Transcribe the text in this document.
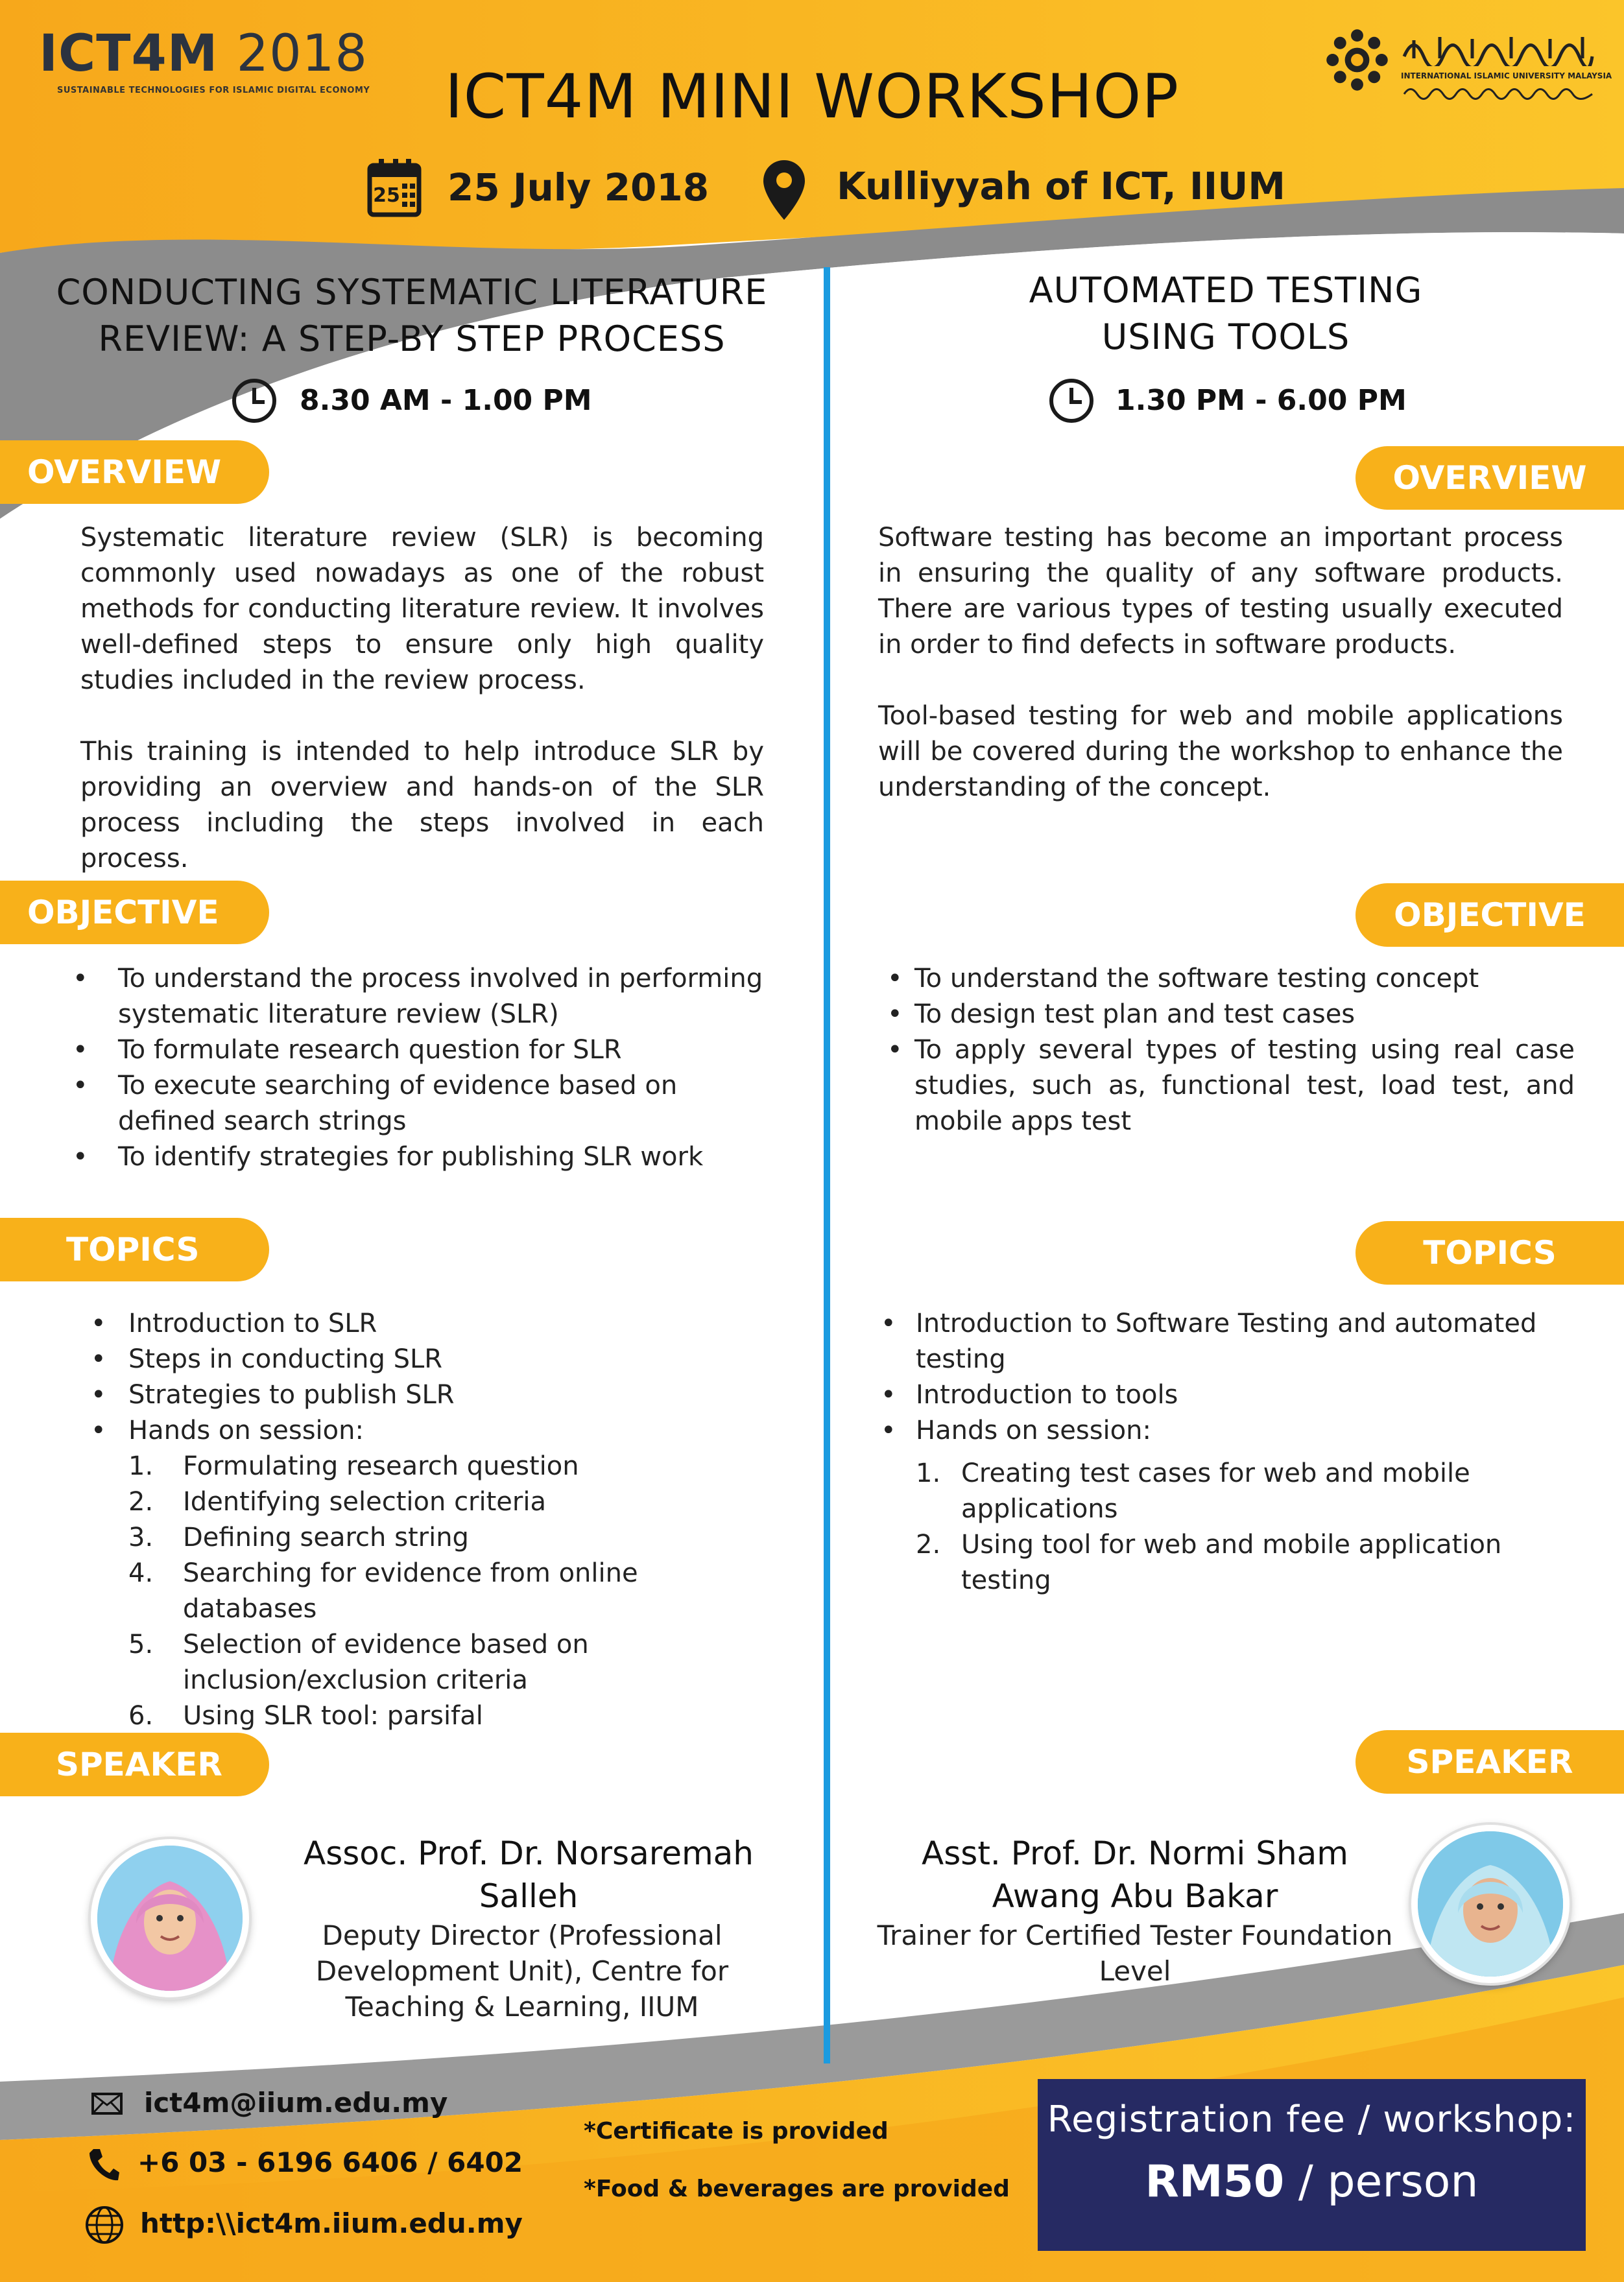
ICT4M 2018
SUSTAINABLE TECHNOLOGIES FOR ISLAMIC DIGITAL ECONOMY
INTERNATIONAL ISLAMIC UNIVERSITY MALAYSIA
ICT4M MINI WORKSHOP
25 25 July 2018	Kulliyyah of ICT, IIUM
CONDUCTING SYSTEMATIC LITERATURE REVIEW: A STEP-BY STEP PROCESS
8.30 AM - 1.00 PM
OVERVIEW

Systematic literature review (SLR) is becoming commonly used nowadays as one of the robust methods for conducting literature review. It involves well-defined steps to ensure only high quality studies included in the review process.

This training is intended to help introduce SLR by providing an overview and hands-on of the SLR process including the steps involved in each process.

OBJECTIVE
• To understand the process involved in performing systematic literature review (SLR)
• To formulate research question for SLR
• To execute searching of evidence based on defined search strings
• To identify strategies for publishing SLR work
TOPICS
• Introduction to SLR
• Steps in conducting SLR
• Strategies to publish SLR
• Hands on session:
1. Formulating research question
2. Identifying selection criteria
3. Defining search string
4. Searching for evidence from online databases
5. Selection of evidence based on inclusion/exclusion criteria
6. Using SLR tool: parsifal
SPEAKER
Assoc. Prof. Dr. Norsaremah Salleh
Deputy Director (Professional Development Unit), Centre for Teaching & Learning, IIUM
AUTOMATED TESTING USING TOOLS
1.30 PM - 6.00 PM
OVERVIEW

Software testing has become an important process in ensuring the quality of any software products. There are various types of testing usually executed in order to find defects in software products.

Tool-based testing for web and mobile applications will be covered during the workshop to enhance the understanding of the concept.

OBJECTIVE
• To understand the software testing concept
• To design test plan and test cases
• To apply several types of testing using real case studies, such as, functional test, load test, and mobile apps test
TOPICS
• Introduction to Software Testing and automated testing
• Introduction to tools
• Hands on session:
1. Creating test cases for web and mobile applications
2. Using tool for web and mobile application testing
SPEAKER
Asst. Prof. Dr. Normi Sham Awang Abu Bakar
Trainer for Certified Tester Foundation Level
ict4m@iium.edu.my
+6 03 - 6196 6406 / 6402
http:\\ict4m.iium.edu.my
*Certificate is provided
*Food & beverages are provided
Registration fee / workshop:
RM50 / person
